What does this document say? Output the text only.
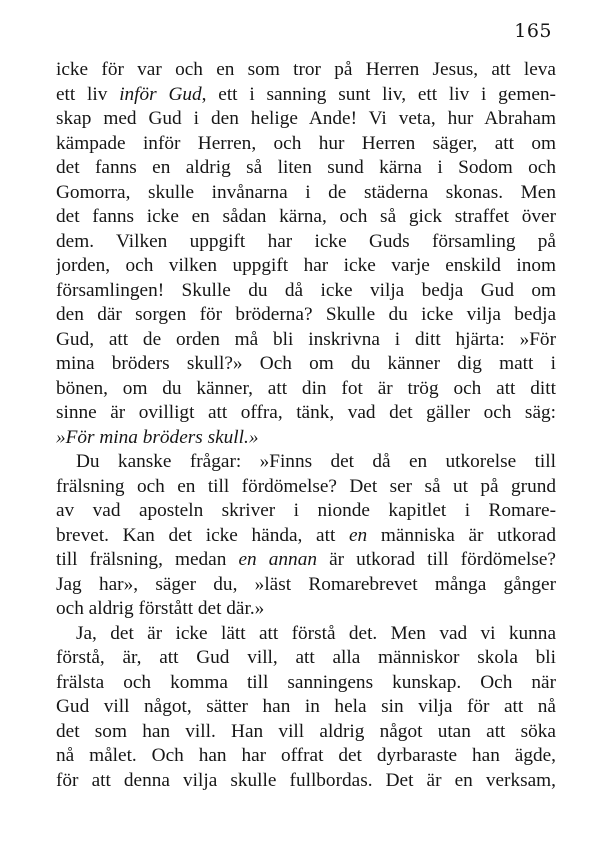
165
icke för var och en som tror på Herren Jesus, att leva
ett liv inför Gud, ett i sanning sunt liv, ett liv i gemen-
skap med Gud i den helige Ande! Vi veta, hur Abraham
kämpade inför Herren, och hur Herren säger, att om
det fanns en aldrig så liten sund kärna i Sodom och
Gomorra, skulle invånarna i de städerna skonas. Men
det fanns icke en sådan kärna, och så gick straffet över
dem. Vilken uppgift har icke Guds församling på
jorden, och vilken uppgift har icke varje enskild inom
församlingen! Skulle du då icke vilja bedja Gud om
den där sorgen för bröderna? Skulle du icke vilja bedja
Gud, att de orden må bli inskrivna i ditt hjärta: »För
mina bröders skull?» Och om du känner dig matt i
bönen, om du känner, att din fot är trög och att ditt
sinne är ovilligt att offra, tänk, vad det gäller och säg:
»För mina bröders skull.»
Du kanske frågar: »Finns det då en utkorelse till
frälsning och en till fördömelse? Det ser så ut på grund
av vad aposteln skriver i nionde kapitlet i Romare-
brevet. Kan det icke hända, att en människa är utkorad
till frälsning, medan en annan är utkorad till fördömelse?
Jag har», säger du, »läst Romarebrevet många gånger
och aldrig förstått det där.»
Ja, det är icke lätt att förstå det. Men vad vi kunna
förstå, är, att Gud vill, att alla människor skola bli
frälsta och komma till sanningens kunskap. Och när
Gud vill något, sätter han in hela sin vilja för att nå
det som han vill. Han vill aldrig något utan att söka
nå målet. Och han har offrat det dyrbaraste han ägde,
för att denna vilja skulle fullbordas. Det är en verksam,
